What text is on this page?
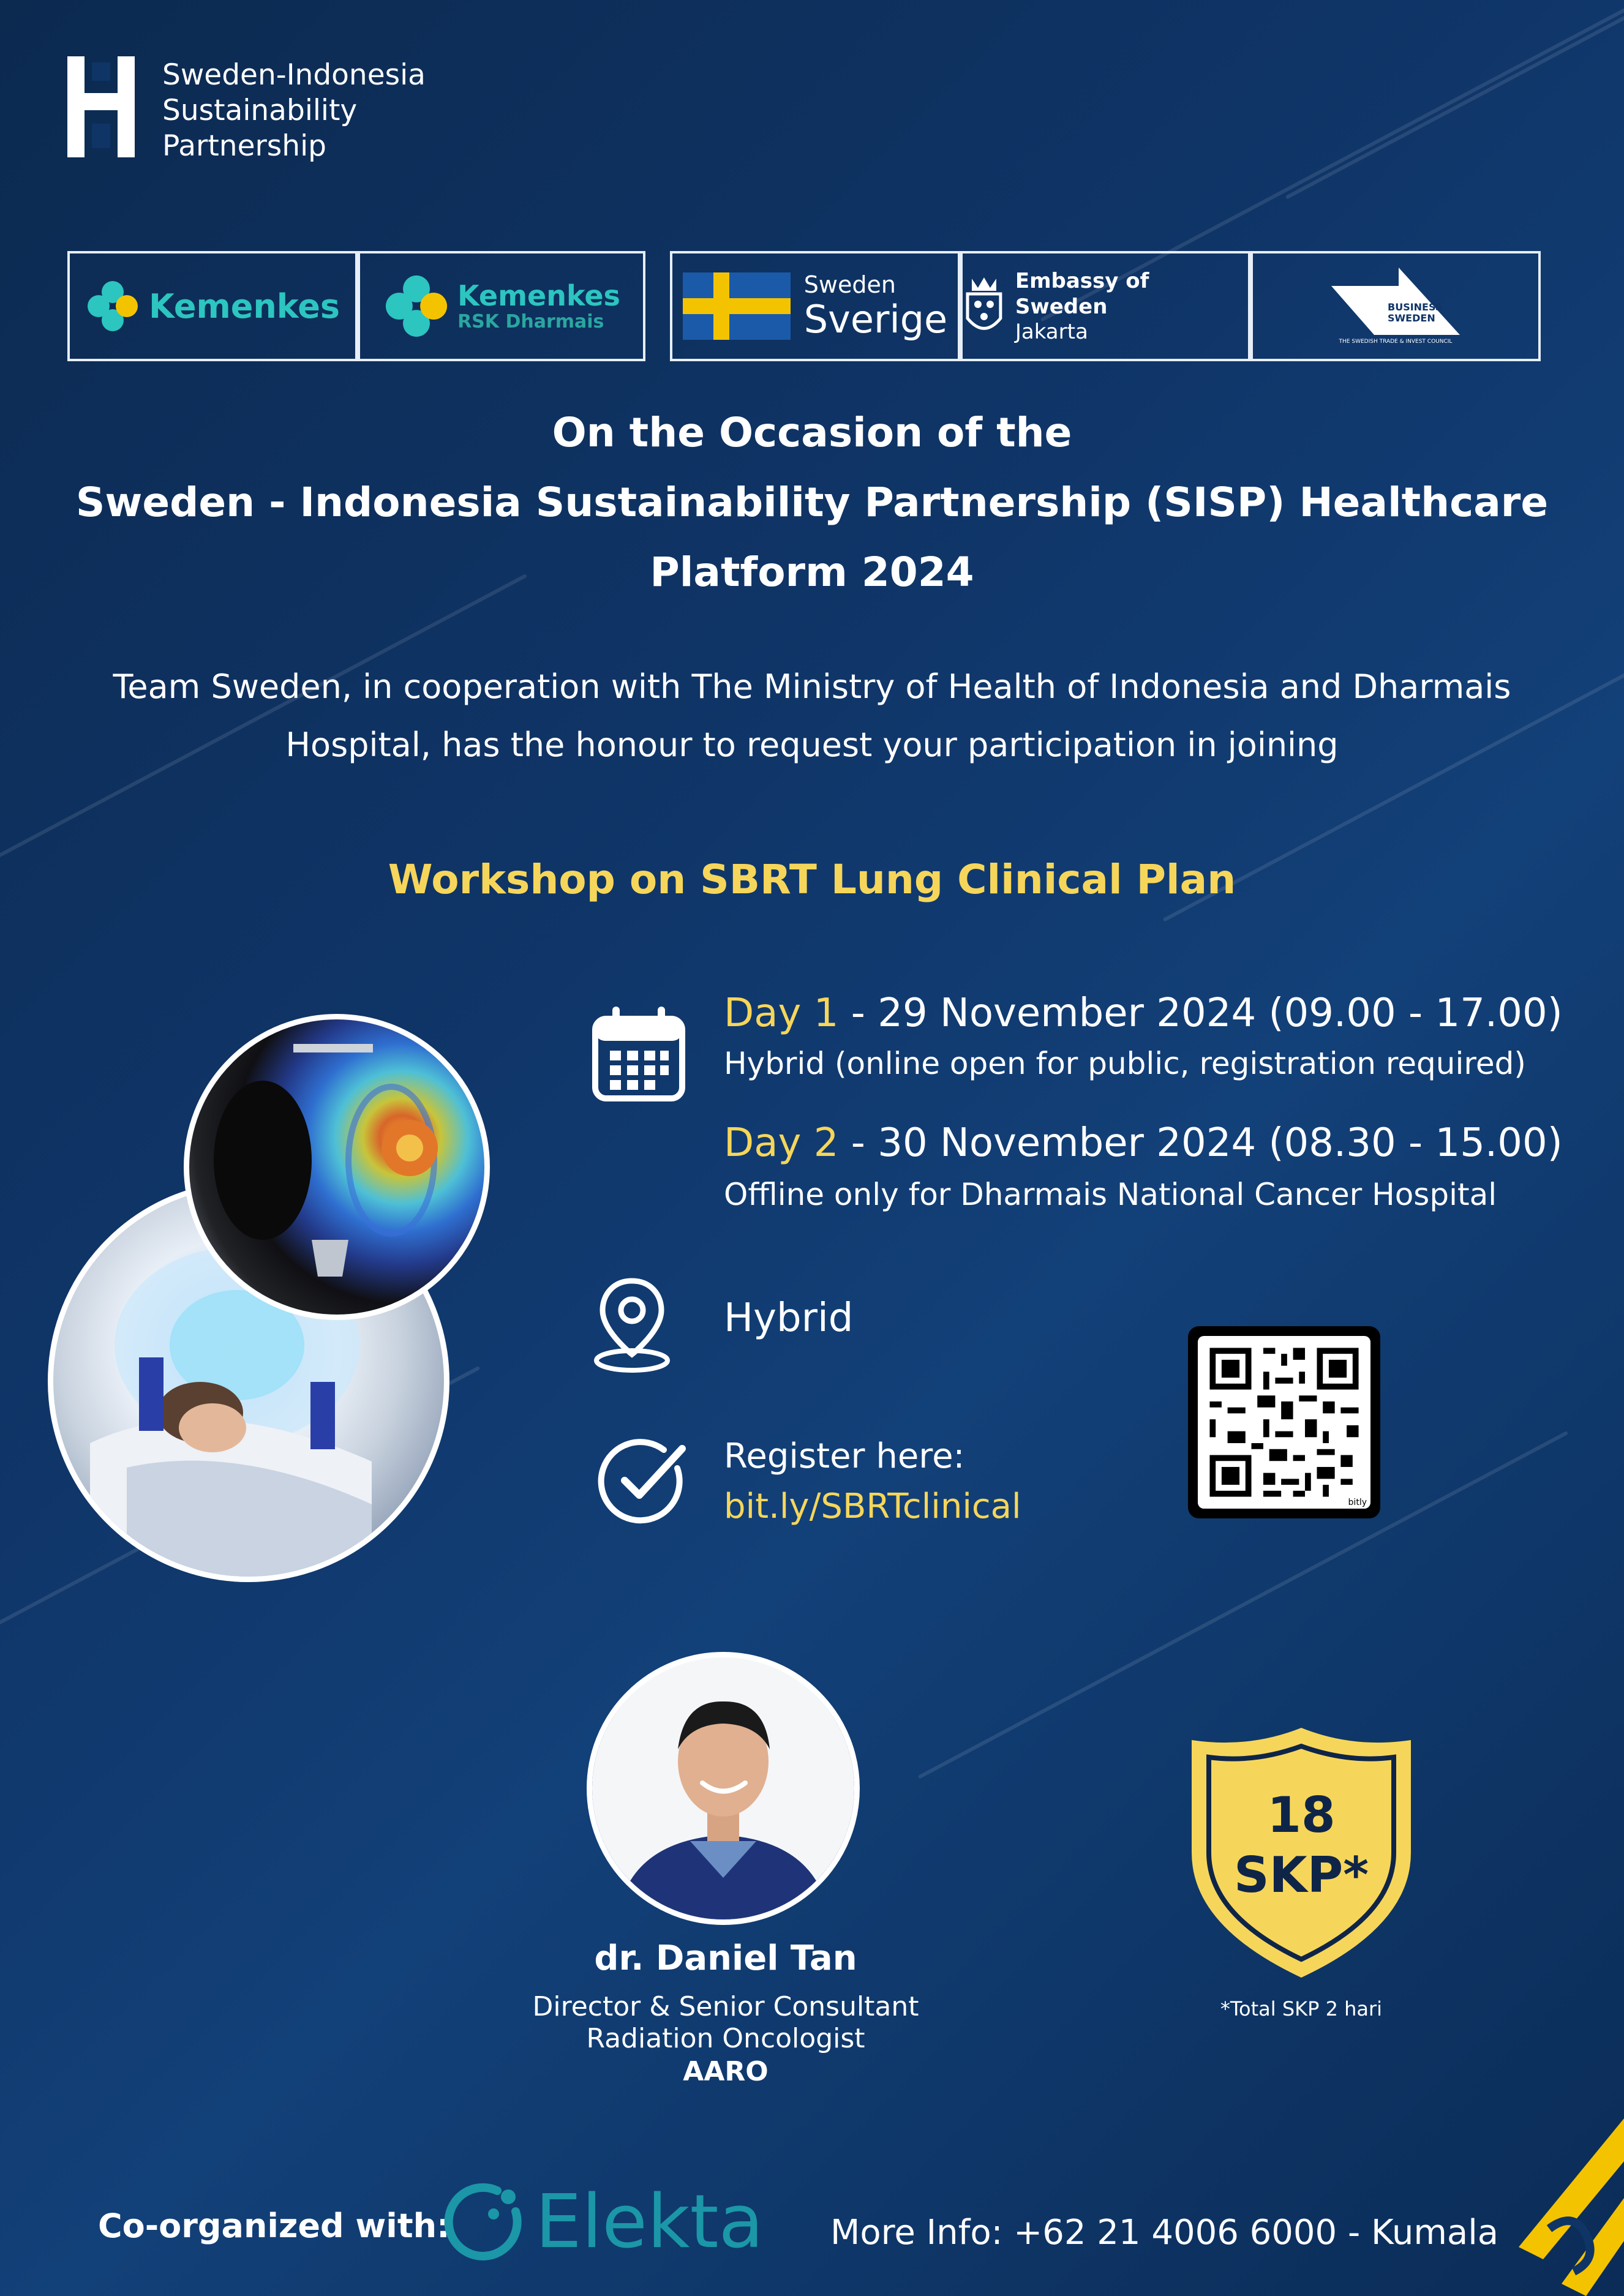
Sweden-Indonesia
Sustainability
Partnership
Kemenkes	Kemenkes
RSK Dharmais
Sweden
Sverige
Embassy of Sweden
Jakarta
BUSINESS
SWEDEN
THE SWEDISH TRADE & INVEST COUNCIL
On the Occasion of the
Sweden - Indonesia Sustainability Partnership (SISP) Healthcare
Platform 2024
Team Sweden, in cooperation with The Ministry of Health of Indonesia and Dharmais
Hospital, has the honour to request your participation in joining
Workshop on SBRT Lung Clinical Plan
Day 1 - 29 November 2024 (09.00 - 17.00)
Hybrid (online open for public, registration required)
Day 2 - 30 November 2024 (08.30 - 15.00)
Offline only for Dharmais National Cancer Hospital
Hybrid
Register here:
bit.ly/SBRTclinical	bitly
dr. Daniel Tan
Director & Senior Consultant
Radiation Oncologist
AARO
18
SKP*
*Total SKP 2 hari
Co-organized with: Elekta More Info: +62 21 4006 6000 - Kumala
